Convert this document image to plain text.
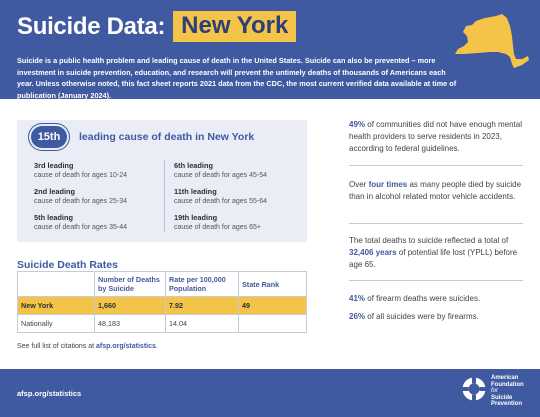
Suicide Data: New York
Suicide is a public health problem and leading cause of death in the United States. Suicide can also be prevented – more investment in suicide prevention, education, and research will prevent the untimely deaths of thousands of Americans each year. Unless otherwise noted, this fact sheet reports 2021 data from the CDC, the most current verified data available at time of publication (January 2024).
15th	leading cause of death in New York
3rd leading
cause of death for ages 10-24
2nd leading
cause of death for ages 25-34
5th leading
cause of death for ages 35-44
6th leading
cause of death for ages 45-54
11th leading
cause of death for ages 55-64
19th leading
cause of death for ages 65+
Suicide Death Rates
	Number of Deaths by Suicide	Rate per 100,000 Population	State Rank
New York	1,660	7.92	49
Nationally	48,183	14.04	
See full list of citations at afsp.org/statistics.
49% of communities did not have enough mental health providers to serve residents in 2023, according to federal guidelines.
Over four times as many people died by suicide than in alcohol related motor vehicle accidents.
The total deaths to suicide reflected a total of 32,406 years of potential life lost (YPLL) before age 65.
41% of firearm deaths were suicides.
26% of all suicides were by firearms.
afsp.org/statistics
American
Foundation
for
Suicide
Prevention
